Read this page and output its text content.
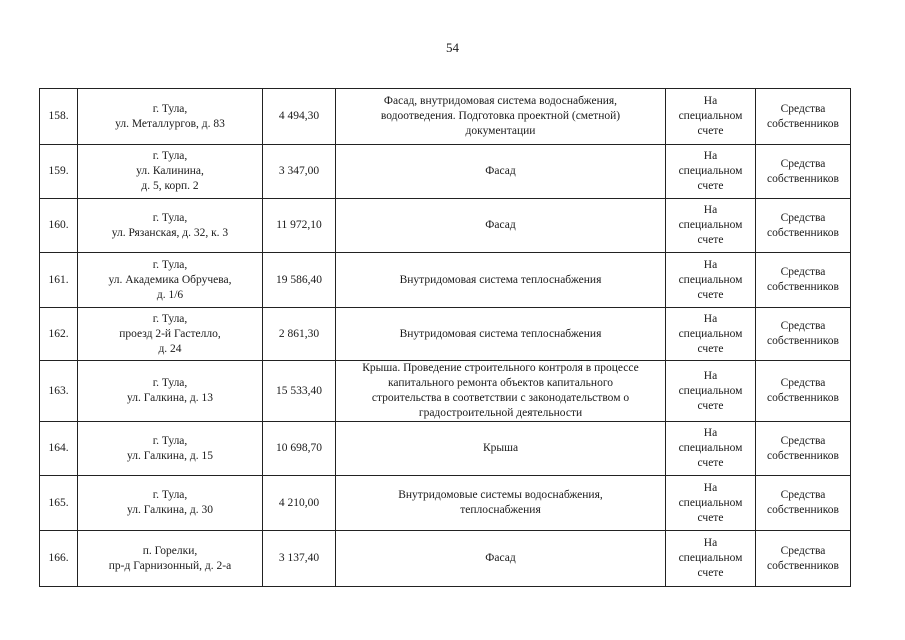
54
158.	г. Тула,
ул. Металлургов, д. 83	4 494,30	Фасад, внутридомовая система водоснабжения,
водоотведения. Подготовка проектной (сметной)
документации	На
специальном
счете	Средства
собственников

159.	г. Тула,
ул. Калинина,
д. 5, корп. 2	3 347,00	Фасад	На
специальном
счете	Средства
собственников

160.	г. Тула,
ул. Рязанская, д. 32, к. 3	11 972,10	Фасад	На
специальном
счете	Средства
собственников

161.	г. Тула,
ул. Академика Обручева,
д. 1/6	19 586,40	Внутридомовая система теплоснабжения	На
специальном
счете	Средства
собственников

162.	г. Тула,
проезд 2-й Гастелло,
д. 24	2 861,30	Внутридомовая система теплоснабжения	На
специальном
счете	Средства
собственников

163.	г. Тула,
ул. Галкина, д. 13	15 533,40	Крыша. Проведение строительного контроля в процессе
капитального ремонта объектов капитального
строительства в соответствии с законодательством о
градостроительной деятельности	На
специальном
счете	Средства
собственников

164.	г. Тула,
ул. Галкина, д. 15	10 698,70	Крыша	На
специальном
счете	Средства
собственников

165.	г. Тула,
ул. Галкина, д. 30	4 210,00	Внутридомовые системы водоснабжения,
теплоснабжения	На
специальном
счете	Средства
собственников

166.	п. Горелки,
пр-д Гарнизонный, д. 2-а	3 137,40	Фасад	На
специальном
счете	Средства
собственников
